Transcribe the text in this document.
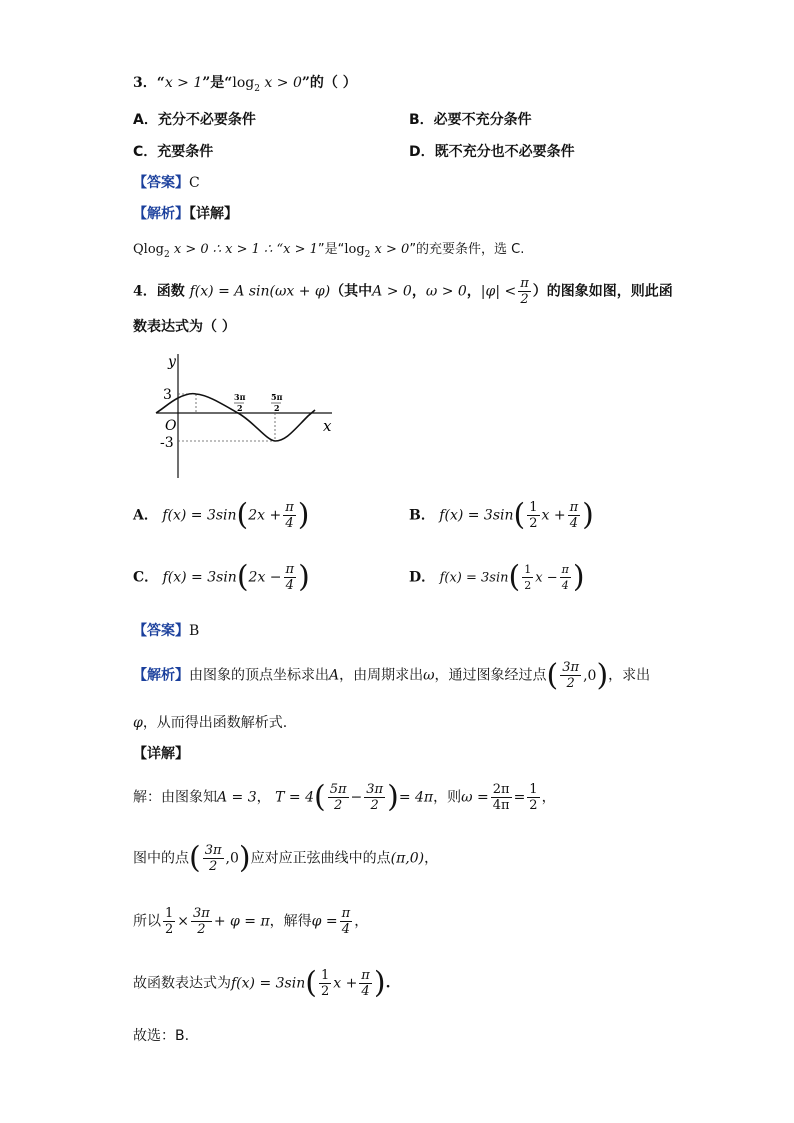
3．“x > 1”是“$\log_2$ x > 0”的（ ）
A．充分不必要条件	B．必要不充分条件
C．充要条件	D．既不充分也不必要条件
【答案】C
【解析】【详解】
Qlog$_2$ x > 0 ∴ x > 1 ∴ “x > 1”是“$\log_2$ x > 0”的充要条件，选 C.
4．函数 f(x) = A sin(ωx + φ)（其中A > 0，ω > 0，$|\varphi| < \frac{\pi}{2}$ ）的图象如图，则此函
数表达式为（ ）
y
x
O
3
-3
3π
2
5π
2
A． $f(x) = 3\sin(2x + \frac{\pi}{4}$ )	B． $f(x) = 3\sin( \frac{1}{2}$ $x + \frac{\pi}{4}$ )
C． $f(x) = 3\sin(2x - \frac{\pi}{4}$ )	D． $f(x) = 3\sin( \frac{1}{2}$ $x - \frac{\pi}{4}$ )
【答案】B
【解析】由图象的顶点坐标求出A，由周期求出ω，通过图象经过点( $\frac{3\pi}{2} ,0$)，求出
φ，从而得出函数解析式.
【详解】
解：由图象知A = 3， $T = 4( \frac{5\pi}{2} - \frac{3\pi}{2}$ )= 4π，则$\omega = \frac{2\pi}{4\pi} = \frac{1}{2}$ ，
图中的点( $\frac{3\pi}{2} ,0$)应对应正弦曲线中的点(π,0)，
所以 $\frac{1}{2} \times \frac{3\pi}{2} + \varphi = \pi$，解得$\varphi = \frac{\pi}{4}$ ，
故函数表达式为$f(x) = 3\sin( \frac{1}{2}$ $x + \frac{\pi}{4}$ ).
故选：B.
